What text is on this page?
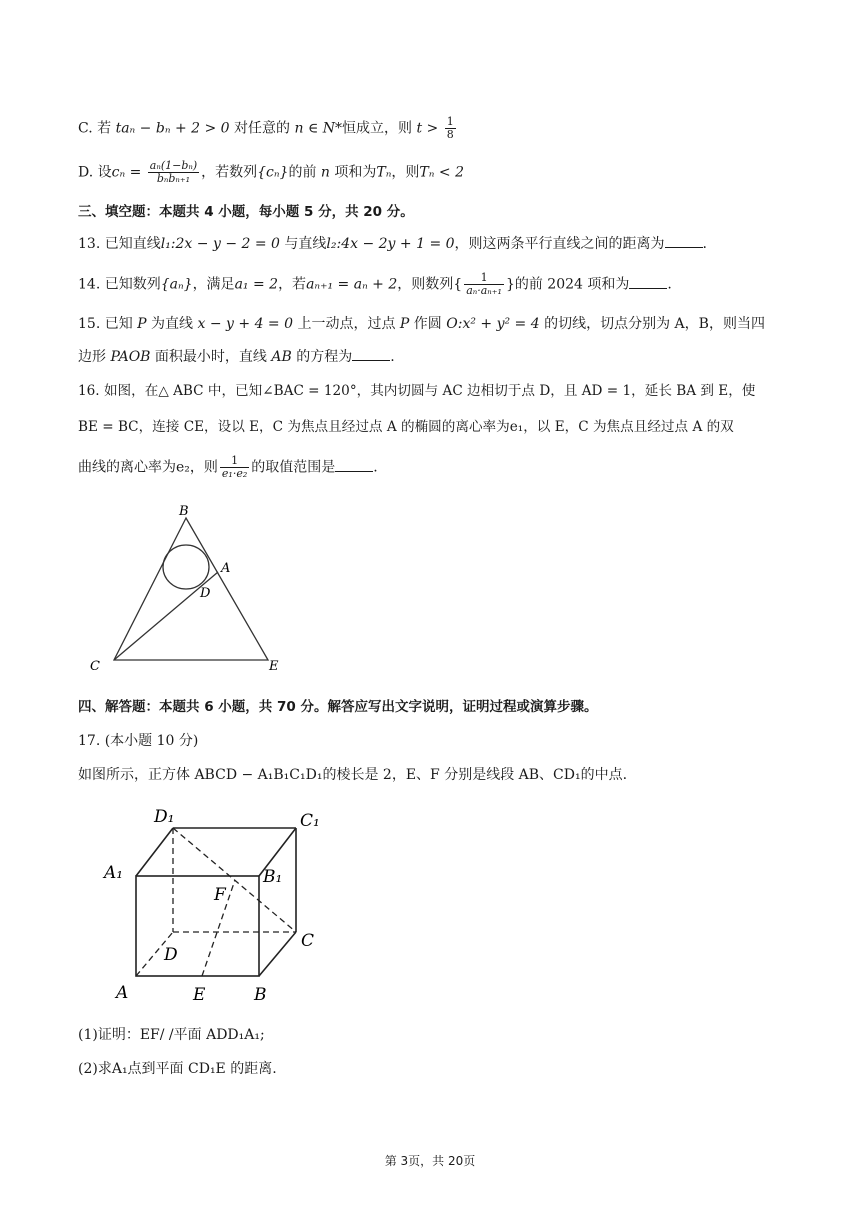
C. 若 taₙ − bₙ + 2 > 0 对任意的 n ∈ N*恒成立，则 $t > \frac{1}{8}$
D. 设$c_n = \frac{\text{aₙ(1−bₙ)}}{\text{bₙbₙ₊₁}}$ ，若数列{cₙ}的前 n 项和为Tₙ，则Tₙ < 2
三、填空题：本题共 4 小题，每小题 5 分，共 20 分。
13. 已知直线l₁:2x − y − 2 = 0 与直线l₂:4x − 2y + 1 = 0，则这两条平行直线之间的距离为	.
14. 已知数列{aₙ}，满足a₁ = 2，若aₙ₊₁ = aₙ + 2，则数列{ $\frac{1}{\text{aₙ·aₙ₊₁}}$ }的前 2024 项和为	.
15. 已知 P 为直线 x − y + 4 = 0 上一动点，过点 P 作圆 O:x² + y² = 4 的切线，切点分别为 A，B，则当四
边形 PAOB 面积最小时，直线 AB 的方程为	.
16. 如图，在△ ABC 中，已知∠BAC = 120°，其内切圆与 AC 边相切于点 D，且 AD = 1，延长 BA 到 E，使
BE = BC，连接 CE，设以 E，C 为焦点且经过点 A 的椭圆的离心率为e₁，以 E，C 为焦点且经过点 A 的双
曲线的离心率为e₂，则 $\frac{1}{\text{e₁·e₂}}$ 的取值范围是	.
B
A
D
C	E
四、解答题：本题共 6 小题，共 70 分。解答应写出文字说明，证明过程或演算步骤。
17. (本小题 10 分)
如图所示，正方体 ABCD − A₁B₁C₁D₁的棱长是 2，E、F 分别是线段 AB、CD₁的中点.
D₁	C₁
A₁	B₁
F
D
C
A	E	B
(1)证明：EF/ /平面 ADD₁A₁;
(2)求A₁点到平面 CD₁E 的距离.
第 3页，共 20页
